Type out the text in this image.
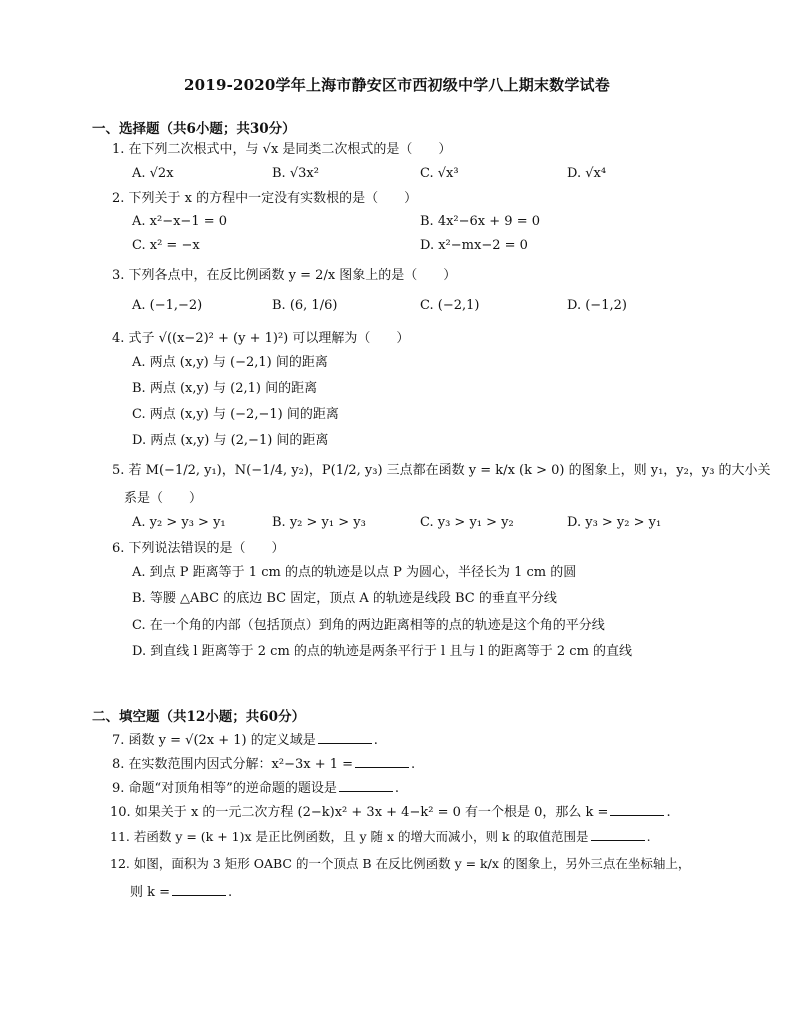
2019-2020学年上海市静安区市西初级中学八上期末数学试卷
一、选择题（共6小题；共30分）
1. 在下列二次根式中，与 √x 是同类二次根式的是（　　）
A. √2x	B. √3x²	C. √x³	D. √x⁴
2. 下列关于 x 的方程中一定没有实数根的是（　　）
A. x²−x−1 = 0	B. 4x²−6x + 9 = 0
C. x² = −x	D. x²−mx−2 = 0
3. 下列各点中，在反比例函数 y = 2/x 图象上的是（　　）
A. (−1,−2)	B. (6, 1/6)	C. (−2,1)	D. (−1,2)
4. 式子 √((x−2)² + (y + 1)²) 可以理解为（　　）
A. 两点 (x,y) 与 (−2,1) 间的距离
B. 两点 (x,y) 与 (2,1) 间的距离
C. 两点 (x,y) 与 (−2,−1) 间的距离
D. 两点 (x,y) 与 (2,−1) 间的距离
5. 若 M(−1/2, y₁)，N(−1/4, y₂)，P(1/2, y₃) 三点都在函数 y = k/x (k > 0) 的图象上，则 y₁，y₂，y₃ 的大小关
系是（　　）
A. y₂ > y₃ > y₁	B. y₂ > y₁ > y₃	C. y₃ > y₁ > y₂	D. y₃ > y₂ > y₁
6. 下列说法错误的是（　　）
A. 到点 P 距离等于 1 cm 的点的轨迹是以点 P 为圆心，半径长为 1 cm 的圆
B. 等腰 △ABC 的底边 BC 固定，顶点 A 的轨迹是线段 BC 的垂直平分线
C. 在一个角的内部（包括顶点）到角的两边距离相等的点的轨迹是这个角的平分线
D. 到直线 l 距离等于 2 cm 的点的轨迹是两条平行于 l 且与 l 的距离等于 2 cm 的直线
二、填空题（共12小题；共60分）
7. 函数 y = √(2x + 1) 的定义域是	.
8. 在实数范围内因式分解：x²−3x + 1 =	.
9. 命题“对顶角相等”的逆命题的题设是	.
10. 如果关于 x 的一元二次方程 (2−k)x² + 3x + 4−k² = 0 有一个根是 0，那么 k =	.
11. 若函数 y = (k + 1)x 是正比例函数，且 y 随 x 的增大而减小，则 k 的取值范围是	.
12. 如图，面积为 3 矩形 OABC 的一个顶点 B 在反比例函数 y = k/x 的图象上，另外三点在坐标轴上，
则 k =	.
